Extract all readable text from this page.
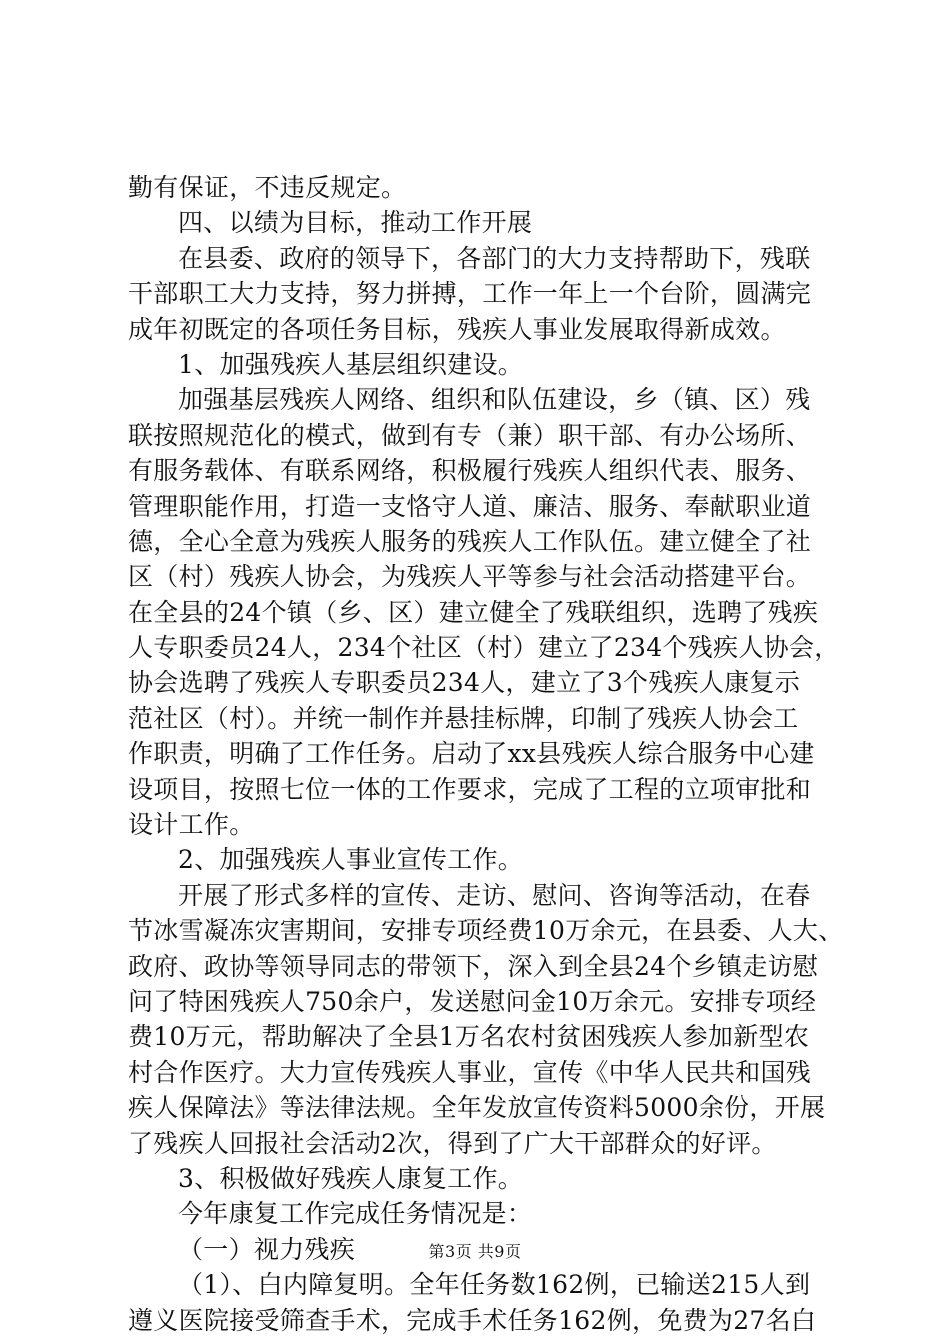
勤有保证，不违反规定。
四、以绩为目标，推动工作开展
在县委、政府的领导下，各部门的大力支持帮助下，残联
干部职工大力支持，努力拼搏，工作一年上一个台阶，圆满完
成年初既定的各项任务目标，残疾人事业发展取得新成效。
1、加强残疾人基层组织建设。
加强基层残疾人网络、组织和队伍建设，乡（镇、区）残
联按照规范化的模式，做到有专（兼）职干部、有办公场所、
有服务载体、有联系网络，积极履行残疾人组织代表、服务、
管理职能作用，打造一支恪守人道、廉洁、服务、奉献职业道
德，全心全意为残疾人服务的残疾人工作队伍。建立健全了社
区（村）残疾人协会，为残疾人平等参与社会活动搭建平台。
在全县的24个镇（乡、区）建立健全了残联组织，选聘了残疾
人专职委员24人，234个社区（村）建立了234个残疾人协会，
协会选聘了残疾人专职委员234人，建立了3个残疾人康复示
范社区（村）。并统一制作并悬挂标牌，印制了残疾人协会工
作职责，明确了工作任务。启动了xx县残疾人综合服务中心建
设项目，按照七位一体的工作要求，完成了工程的立项审批和
设计工作。
2、加强残疾人事业宣传工作。
开展了形式多样的宣传、走访、慰问、咨询等活动，在春
节冰雪凝冻灾害期间，安排专项经费10万余元，在县委、人大、
政府、政协等领导同志的带领下，深入到全县24个乡镇走访慰
问了特困残疾人750余户，发送慰问金10万余元。安排专项经
费10万元，帮助解决了全县1万名农村贫困残疾人参加新型农
村合作医疗。大力宣传残疾人事业，宣传《中华人民共和国残
疾人保障法》等法律法规。全年发放宣传资料5000余份，开展
了残疾人回报社会活动2次，得到了广大干部群众的好评。
3、积极做好残疾人康复工作。
今年康复工作完成任务情况是：
（一）视力残疾
（1）、白内障复明。全年任务数162例，已输送215人到
遵义医院接受筛查手术，完成手术任务162例，免费为27名白
第3页 共9页
